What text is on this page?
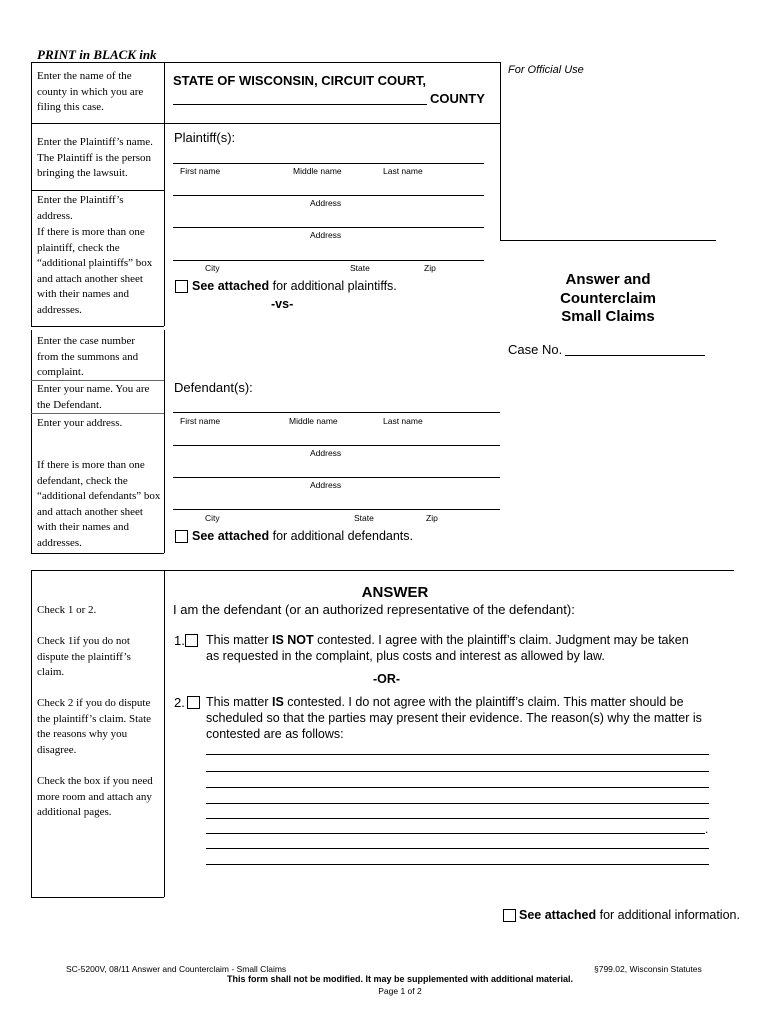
PRINT in BLACK ink
For Official Use
STATE OF WISCONSIN, CIRCUIT COURT,
COUNTY
Enter the name of the county in which you are filing this case.
Enter the Plaintiff’s name. The Plaintiff is the person bringing the lawsuit.
Enter the Plaintiff’s address.
If there is more than one plaintiff, check the “additional plaintiffs” box and attach another sheet with their names and addresses.
Enter the case number from the summons and complaint.
Enter your name. You are the Defendant.
Enter your address.
If there is more than one defendant, check the “additional defendants” box and attach another sheet with their names and addresses.
Plaintiff(s):
First name	Middle name	Last name
Address
Address
City	State	Zip
See attached for additional plaintiffs.
-vs-
Answer and
Counterclaim
Small Claims
Case No.
Defendant(s):
First name	Middle name	Last name
Address
Address
City	State	Zip
See attached for additional defendants.
Check 1 or 2.
Check 1if you do not dispute the plaintiff’s claim.
Check 2 if you do dispute the plaintiff’s claim. State the reasons why you disagree.
Check the box if you need more room and attach any additional pages.
ANSWER
I am the defendant (or an authorized representative of the defendant):
1. This matter IS NOT contested. I agree with the plaintiff’s claim. Judgment may be taken
as requested in the complaint, plus costs and interest as allowed by law.
-OR-
2. This matter IS contested. I do not agree with the plaintiff’s claim. This matter should be
scheduled so that the parties may present their evidence. The reason(s) why the matter is
contested are as follows:
.
See attached for additional information.
SC-5200V, 08/11 Answer and Counterclaim - Small Claims	§799.02, Wisconsin Statutes
This form shall not be modified. It may be supplemented with additional material.
Page 1 of 2
